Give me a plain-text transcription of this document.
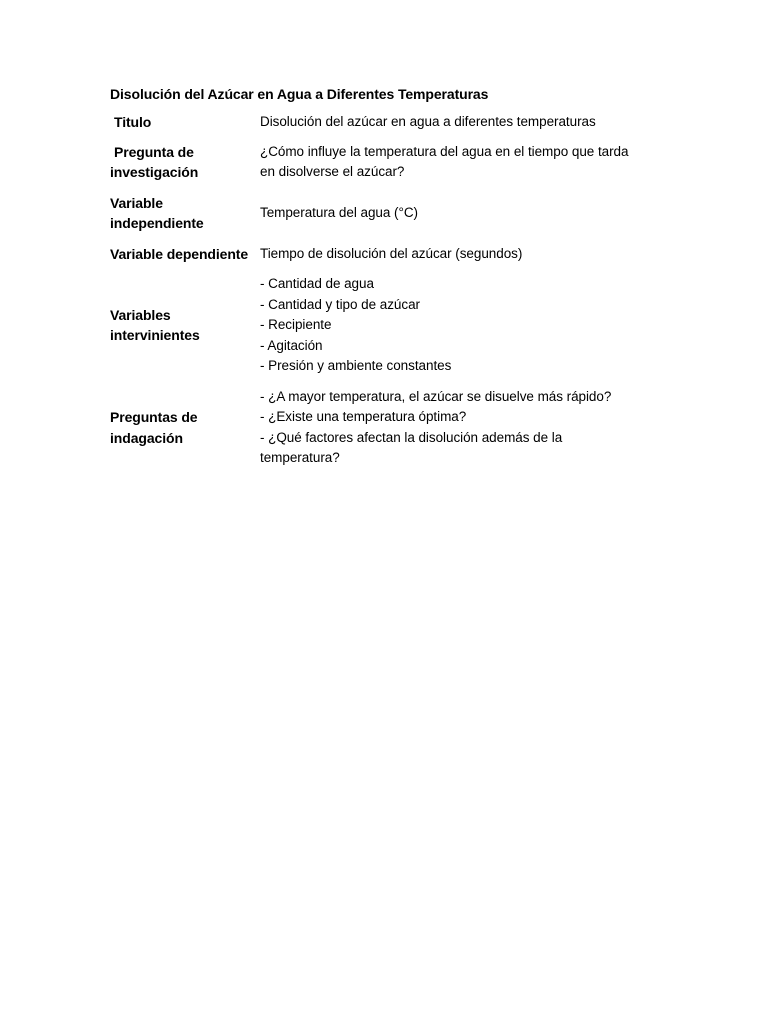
Disolución del Azúcar en Agua a Diferentes Temperaturas
Titulo	Disolución del azúcar en agua a diferentes temperaturas
Pregunta de
investigación
¿Cómo influye la temperatura del agua en el tiempo que tarda
en disolverse el azúcar?
Variable
independiente
Temperatura del agua (°C)
Variable dependiente Tiempo de disolución del azúcar (segundos)
Variables
intervinientes
- Cantidad de agua
- Cantidad y tipo de azúcar
- Recipiente
- Agitación
- Presión y ambiente constantes
Preguntas de
indagación
- ¿A mayor temperatura, el azúcar se disuelve más rápido?
- ¿Existe una temperatura óptima?
- ¿Qué factores afectan la disolución además de la
temperatura?
